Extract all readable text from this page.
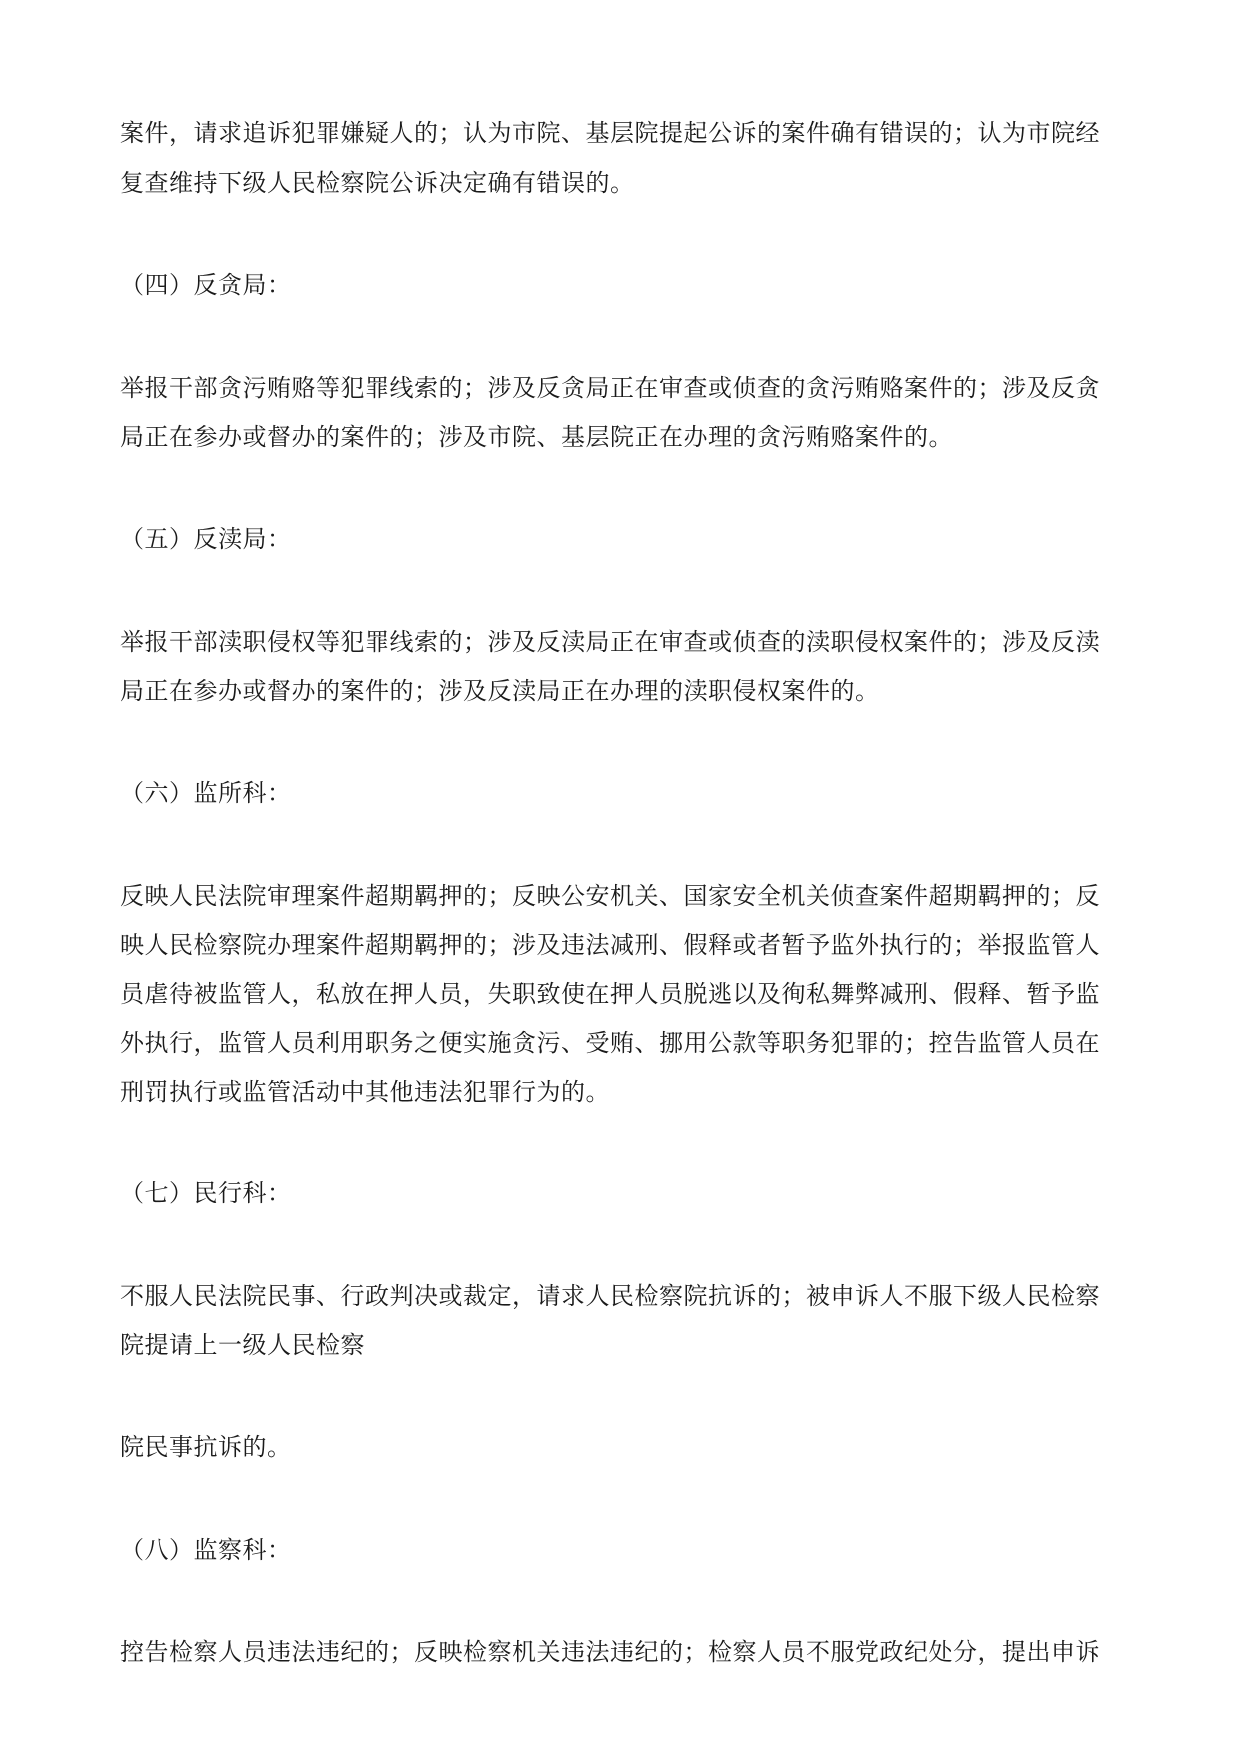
案件，请求追诉犯罪嫌疑人的；认为市院、基层院提起公诉的案件确有错误的；认为市院经
复查维持下级人民检察院公诉决定确有错误的。
（四）反贪局：
举报干部贪污贿赂等犯罪线索的；涉及反贪局正在审查或侦查的贪污贿赂案件的；涉及反贪
局正在参办或督办的案件的；涉及市院、基层院正在办理的贪污贿赂案件的。
（五）反渎局：
举报干部渎职侵权等犯罪线索的；涉及反渎局正在审查或侦查的渎职侵权案件的；涉及反渎
局正在参办或督办的案件的；涉及反渎局正在办理的渎职侵权案件的。
（六）监所科：
反映人民法院审理案件超期羁押的；反映公安机关、国家安全机关侦查案件超期羁押的；反
映人民检察院办理案件超期羁押的；涉及违法减刑、假释或者暂予监外执行的；举报监管人
员虐待被监管人，私放在押人员，失职致使在押人员脱逃以及徇私舞弊减刑、假释、暂予监
外执行，监管人员利用职务之便实施贪污、受贿、挪用公款等职务犯罪的；控告监管人员在
刑罚执行或监管活动中其他违法犯罪行为的。
（七）民行科：
不服人民法院民事、行政判决或裁定，请求人民检察院抗诉的；被申诉人不服下级人民检察
院提请上一级人民检察
院民事抗诉的。
（八）监察科：
控告检察人员违法违纪的；反映检察机关违法违纪的；检察人员不服党政纪处分，提出申诉
